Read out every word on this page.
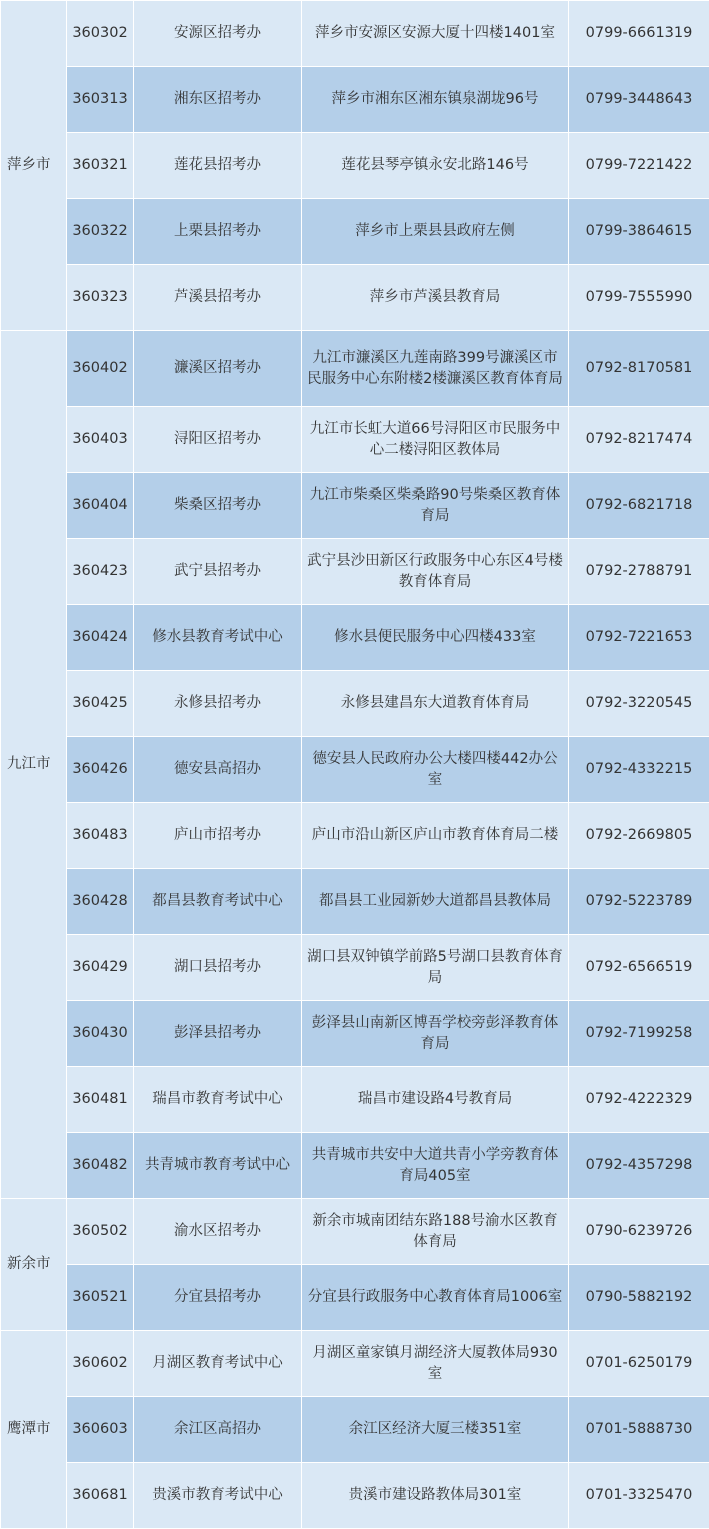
萍乡市	360302	安源区招考办	萍乡市安源区安源大厦十四楼1401室	0799-6661319
	360313	湘东区招考办	萍乡市湘东区湘东镇泉湖垅96号	0799-3448643
	360321	莲花县招考办	莲花县琴亭镇永安北路146号	0799-7221422
	360322	上栗县招考办	萍乡市上栗县县政府左侧	0799-3864615
	360323	芦溪县招考办	萍乡市芦溪县教育局	0799-7555990
九江市	360402	濂溪区招考办	九江市濂溪区九莲南路399号濂溪区市民服务中心东附楼2楼濂溪区教育体育局	0792-8170581
	360403	浔阳区招考办	九江市长虹大道66号浔阳区市民服务中心二楼浔阳区教体局	0792-8217474
	360404	柴桑区招考办	九江市柴桑区柴桑路90号柴桑区教育体育局	0792-6821718
	360423	武宁县招考办	武宁县沙田新区行政服务中心东区4号楼教育体育局	0792-2788791
	360424	修水县教育考试中心	修水县便民服务中心四楼433室	0792-7221653
	360425	永修县招考办	永修县建昌东大道教育体育局	0792-3220545
	360426	德安县高招办	德安县人民政府办公大楼四楼442办公室	0792-4332215
	360483	庐山市招考办	庐山市沿山新区庐山市教育体育局二楼	0792-2669805
	360428	都昌县教育考试中心	都昌县工业园新妙大道都昌县教体局	0792-5223789
	360429	湖口县招考办	湖口县双钟镇学前路5号湖口县教育体育局	0792-6566519
	360430	彭泽县招考办	彭泽县山南新区博吾学校旁彭泽教育体育局	0792-7199258
	360481	瑞昌市教育考试中心	瑞昌市建设路4号教育局	0792-4222329
	360482	共青城市教育考试中心	共青城市共安中大道共青小学旁教育体育局405室	0792-4357298
新余市	360502	渝水区招考办	新余市城南团结东路188号渝水区教育体育局	0790-6239726
	360521	分宜县招考办	分宜县行政服务中心教育体育局1006室	0790-5882192
鹰潭市	360602	月湖区教育考试中心	月湖区童家镇月湖经济大厦教体局930室	0701-6250179
	360603	余江区高招办	余江区经济大厦三楼351室	0701-5888730
	360681	贵溪市教育考试中心	贵溪市建设路教体局301室	0701-3325470
